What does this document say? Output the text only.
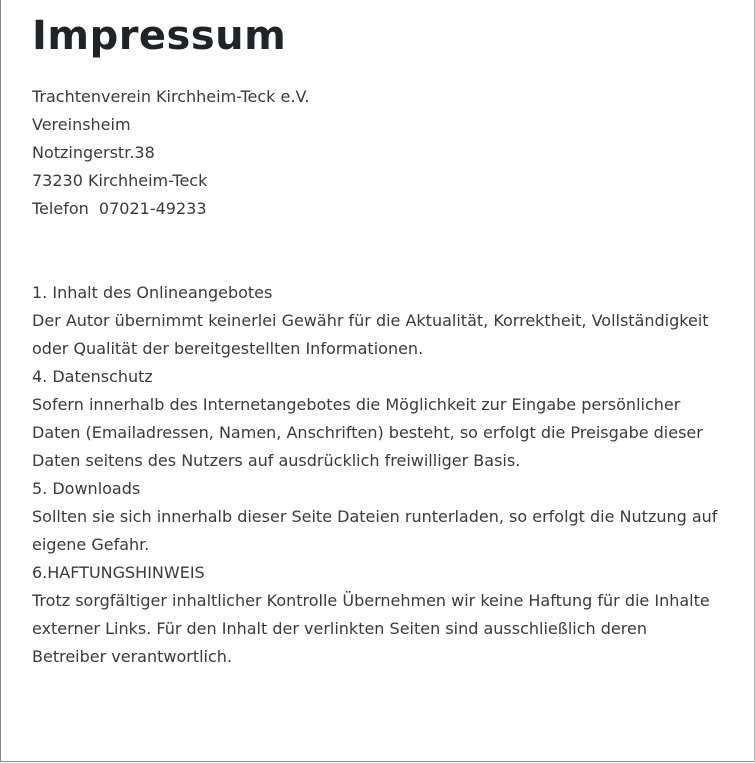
Impressum
Trachtenverein Kirchheim-Teck e.V.
Vereinsheim
Notzingerstr.38
73230 Kirchheim-Teck
Telefon  07021-49233
1. Inhalt des Onlineangebotes
Der Autor übernimmt keinerlei Gewähr für die Aktualität, Korrektheit, Vollständigkeit
oder Qualität der bereitgestellten Informationen.
4. Datenschutz
Sofern innerhalb des Internetangebotes die Möglichkeit zur Eingabe persönlicher
Daten (Emailadressen, Namen, Anschriften) besteht, so erfolgt die Preisgabe dieser
Daten seitens des Nutzers auf ausdrücklich freiwilliger Basis.
5. Downloads
Sollten sie sich innerhalb dieser Seite Dateien runterladen, so erfolgt die Nutzung auf
eigene Gefahr.
6.HAFTUNGSHINWEIS
Trotz sorgfältiger inhaltlicher Kontrolle Übernehmen wir keine Haftung für die Inhalte
externer Links. Für den Inhalt der verlinkten Seiten sind ausschließlich deren
Betreiber verantwortlich.
